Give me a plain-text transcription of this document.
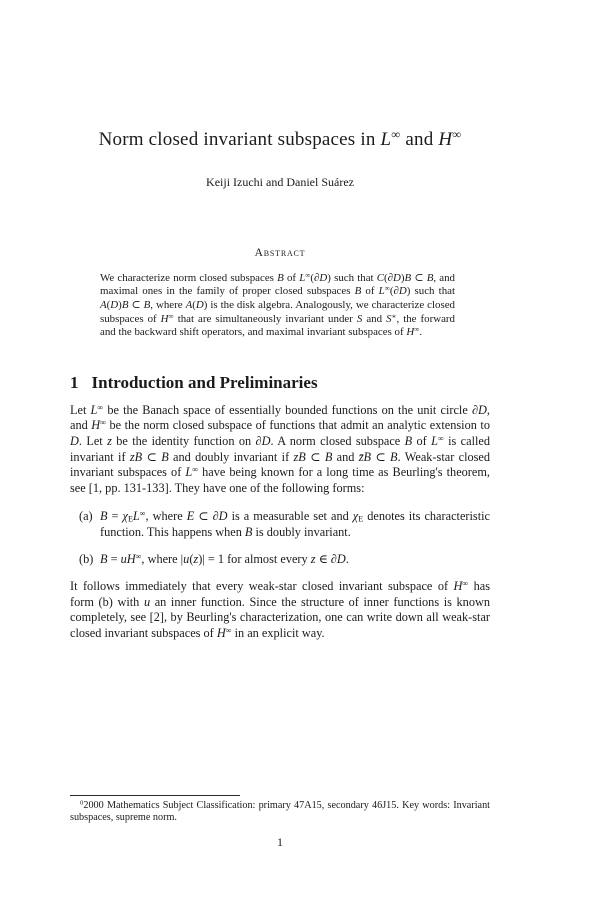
Norm closed invariant subspaces in L∞ and H∞
Keiji Izuchi and Daniel Suárez
Abstract
We characterize norm closed subspaces B of L∞(∂D) such that C(∂D)B ⊂ B, and maximal ones in the family of proper closed subspaces B of L∞(∂D) such that A(D)B ⊂ B, where A(D) is the disk algebra. Analogously, we characterize closed subspaces of H∞ that are simultaneously invariant under S and S∗, the forward and the backward shift operators, and maximal invariant subspaces of H∞.
1 Introduction and Preliminaries
Let L∞ be the Banach space of essentially bounded functions on the unit circle ∂D, and H∞ be the norm closed subspace of functions that admit an analytic extension to D. Let z be the identity function on ∂D. A norm closed subspace B of L∞ is called invariant if zB ⊂ B and doubly invariant if zB ⊂ B and z̄B ⊂ B. Weak-star closed invariant subspaces of L∞ have being known for a long time as Beurling's theorem, see [1, pp. 131-133]. They have one of the following forms:
(a) $B = \chi_EL^\infty$, where E ⊂ ∂D is a measurable set and $\chi_E$ denotes its characteristic function. This happens when B is doubly invariant.
(b) B = uH∞, where |u(z)| = 1 for almost every z ∈ ∂D.
It follows immediately that every weak-star closed invariant subspace of H∞ has form (b) with u an inner function. Since the structure of inner functions is known completely, see [2], by Beurling's characterization, one can write down all weak-star closed invariant subspaces of H∞ in an explicit way.
$^0$2000 Mathematics Subject Classification: primary 47A15, secondary 46J15. Key words: Invariant subspaces, supreme norm.
1
